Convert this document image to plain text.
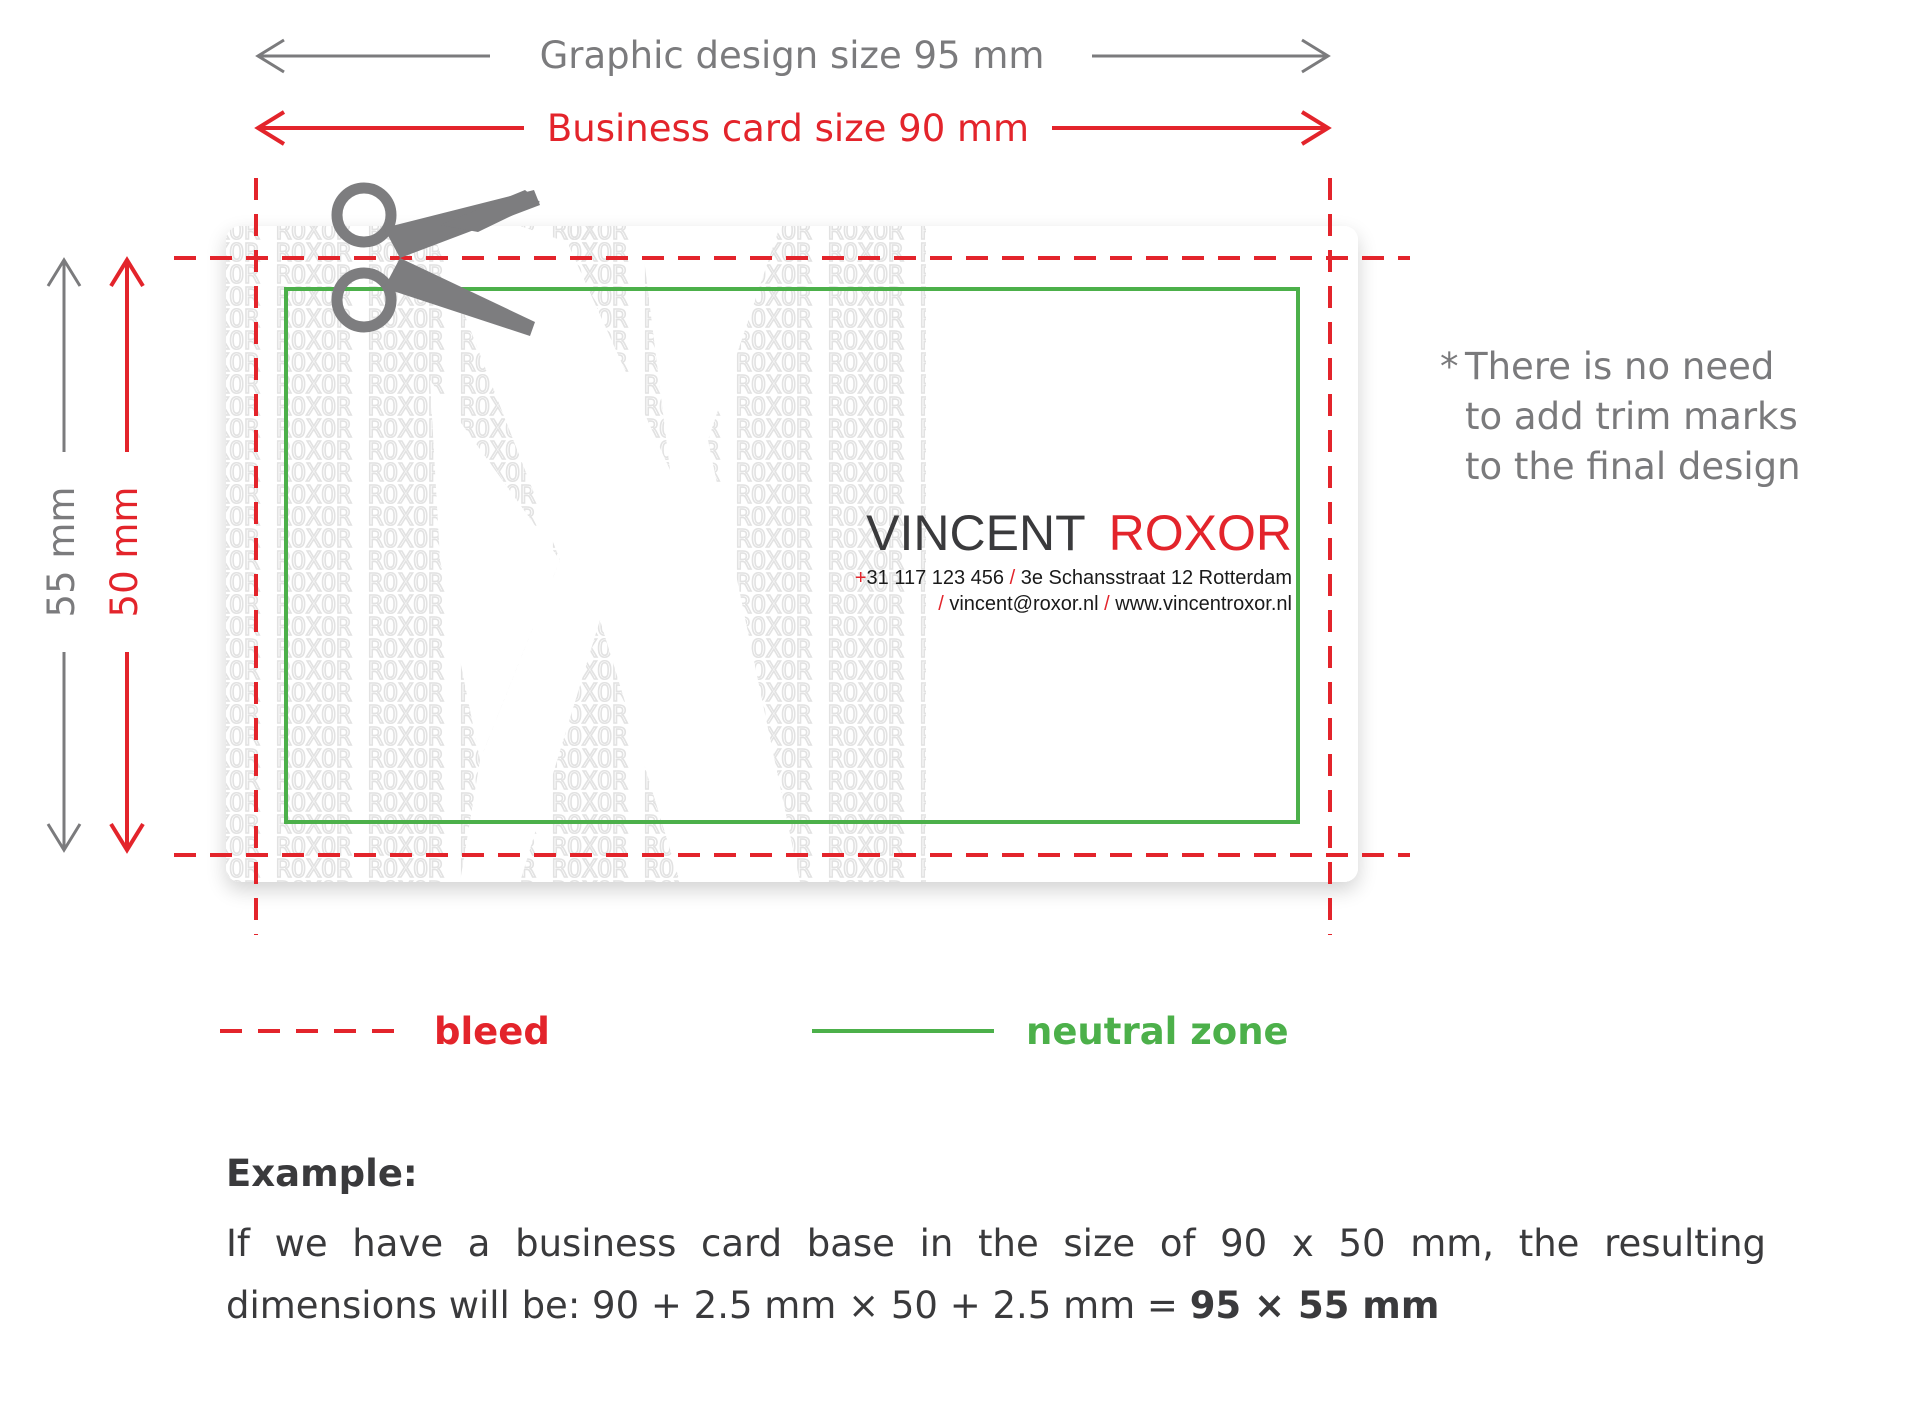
Graphic design size 95 mm
Business card size 90 mm
55 mm 50 mm	VINCENT ROXOR
+31 117 123 456 / 3e Schansstraat 12 Rotterdam
/ vincent@roxor.nl / www.vincentroxor.nl
bleed	neutral zone
* There is no need
to add trim marks
to the final design

Example:

If we have a business card base in the size of 90 x 50 mm, the resulting dimensions will be: 90 + 2.5 mm × 50 + 2.5 mm = 95 × 55 mm
